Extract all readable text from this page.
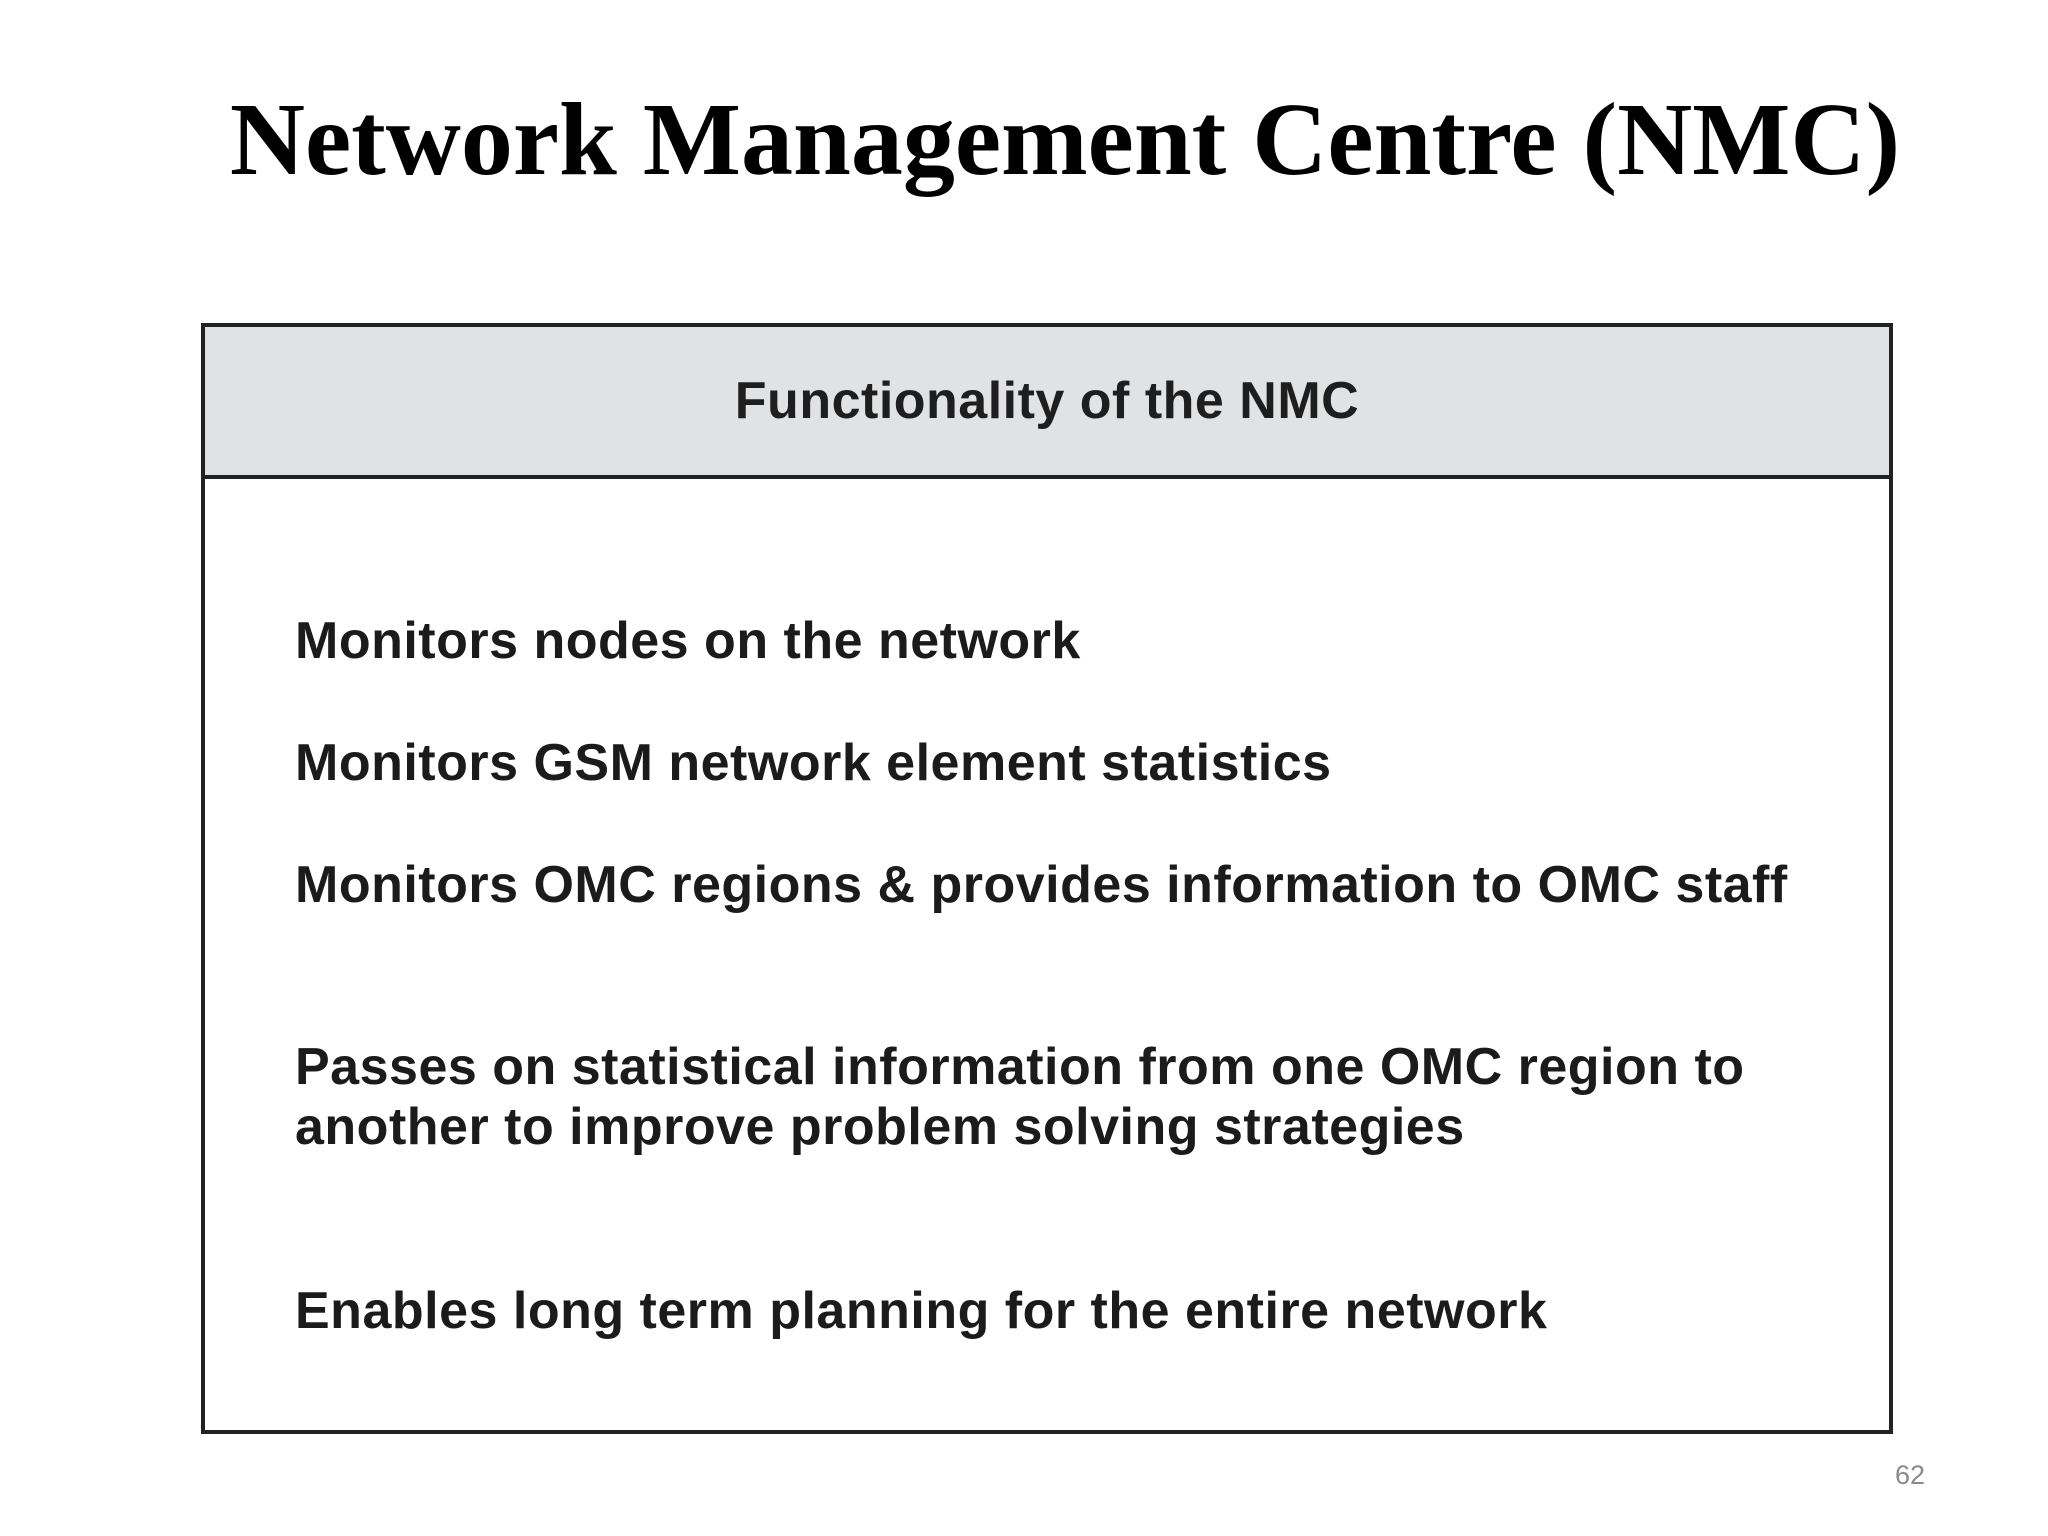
Network Management Centre (NMC)
Functionality of the NMC

Monitors nodes on the network

Monitors GSM network element statistics

Monitors OMC regions & provides information to OMC staff

Passes on statistical information from one OMC region to another to improve problem solving strategies

Enables long term planning for the entire network

62
